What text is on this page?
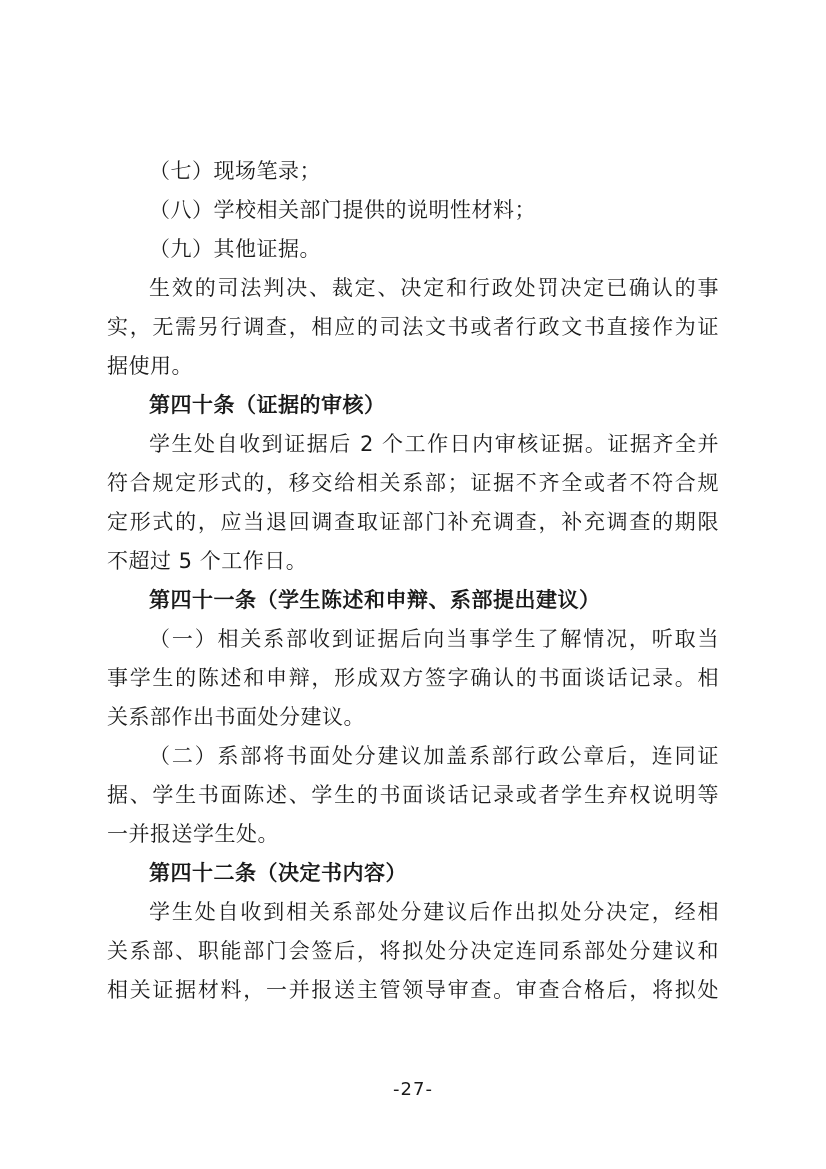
（七）现场笔录；
（八）学校相关部门提供的说明性材料；
（九）其他证据。
生效的司法判决、裁定、决定和行政处罚决定已确认的事
实，无需另行调查，相应的司法文书或者行政文书直接作为证
据使用。
第四十条（证据的审核）
学生处自收到证据后 2 个工作日内审核证据。证据齐全并
符合规定形式的，移交给相关系部；证据不齐全或者不符合规
定形式的，应当退回调查取证部门补充调查，补充调查的期限
不超过 5 个工作日。
第四十一条（学生陈述和申辩、系部提出建议）
（一）相关系部收到证据后向当事学生了解情况，听取当
事学生的陈述和申辩，形成双方签字确认的书面谈话记录。相
关系部作出书面处分建议。
（二）系部将书面处分建议加盖系部行政公章后，连同证
据、学生书面陈述、学生的书面谈话记录或者学生弃权说明等
一并报送学生处。
第四十二条（决定书内容）
学生处自收到相关系部处分建议后作出拟处分决定，经相
关系部、职能部门会签后，将拟处分决定连同系部处分建议和
相关证据材料，一并报送主管领导审查。审查合格后，将拟处
-27-
